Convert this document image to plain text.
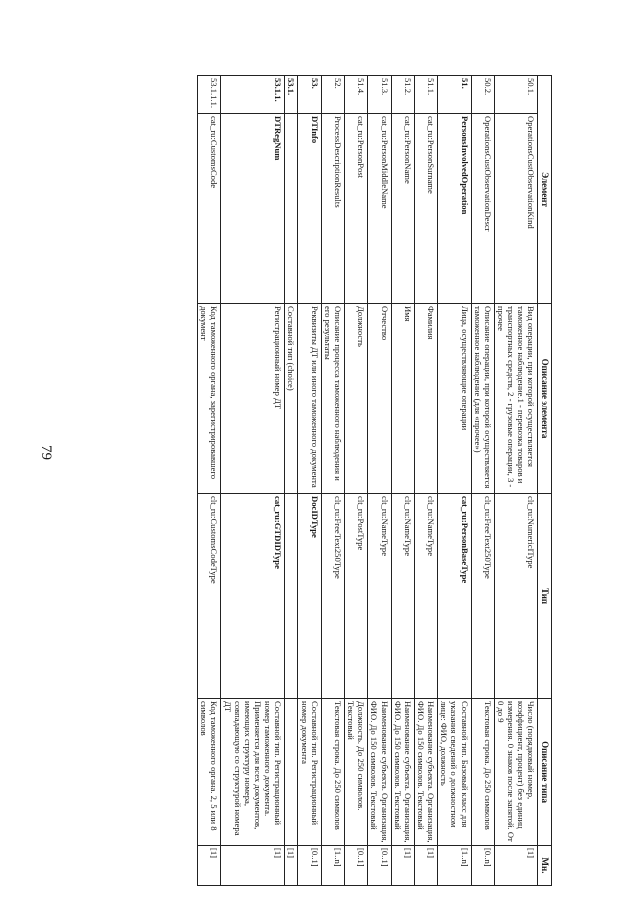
79
Элемент		Описание элемента	Тип	Описание типа	Мн.
50.1.	OperationsCustObservationKind	Вид операции, при которой осуществляется таможенное наблюдение.1 - перевозка товаров и транспортных средств, 2 - грузовые операции, 3 - прочее	clt_ru:NumericIType	Число (порядковый номер, коэффициент, процент) без единиц измерения. 0 знаков после запятой. От 0 до 9	[1]
50.2.	OperationsCustObservationDescr	Описание операции, при которой осуществляется таможенное наблюдение (для «прочее»)	clt_ru:FreeText250Type	Текстовая строка. До 250 символов	[0..n]
51.	PersonsInvolvedOperation	Лица, осуществляющие операции	cat_ru:PersonBaseType	Составной тип. Базовый класс для указания сведений о должностном лице: ФИО, должность	[1..n]
51.1.	cat_ru:PersonSurname	Фамилия	clt_ru:NameType	Наименование субъекта. Организация, ФИО. До 150 символов. Текстовый	[1]
51.2.	cat_ru:PersonName	Имя	clt_ru:NameType	Наименование субъекта. Организация, ФИО. До 150 символов. Текстовый	[1]
51.3.	cat_ru:PersonMiddleName	Отчество	clt_ru:NameType	Наименование субъекта. Организация, ФИО. До 150 символов. Текстовый	[0..1]
51.4.	cat_ru:PersonPost	Должность	clt_ru:PostType	Должность. До 250 символов. Текстовый	[0..1]
52.	ProcessDescriptionResults	Описание процесса таможенного наблюдения и его результаты	clt_ru:FreeText250Type	Текстовая строка. До 250 символов	[1..n]
53.	DTInfo	Реквизиты ДТ или иного таможенного документа	DocIDType	Составной тип. Регистрационный номер документа	[0..1]
53.1.		Составной тип (choice)			[1]
53.1.1.	DTRegNum	Регистрационный номер ДТ	cat_ru:GTDIDType	Составной тип. Регистрационный номер таможенного документа. Применяется для всех документов, имеющих структуру номера, совпадающую со структурой номера ДТ	[1]
53.1.1.1.	cat_ru:CustomsCode	Код таможенного органа, зарегистрировавшего документ	clt_ru:CustomsCodeType	Код таможенного органа. 2, 5 или 8 символов	[1]
